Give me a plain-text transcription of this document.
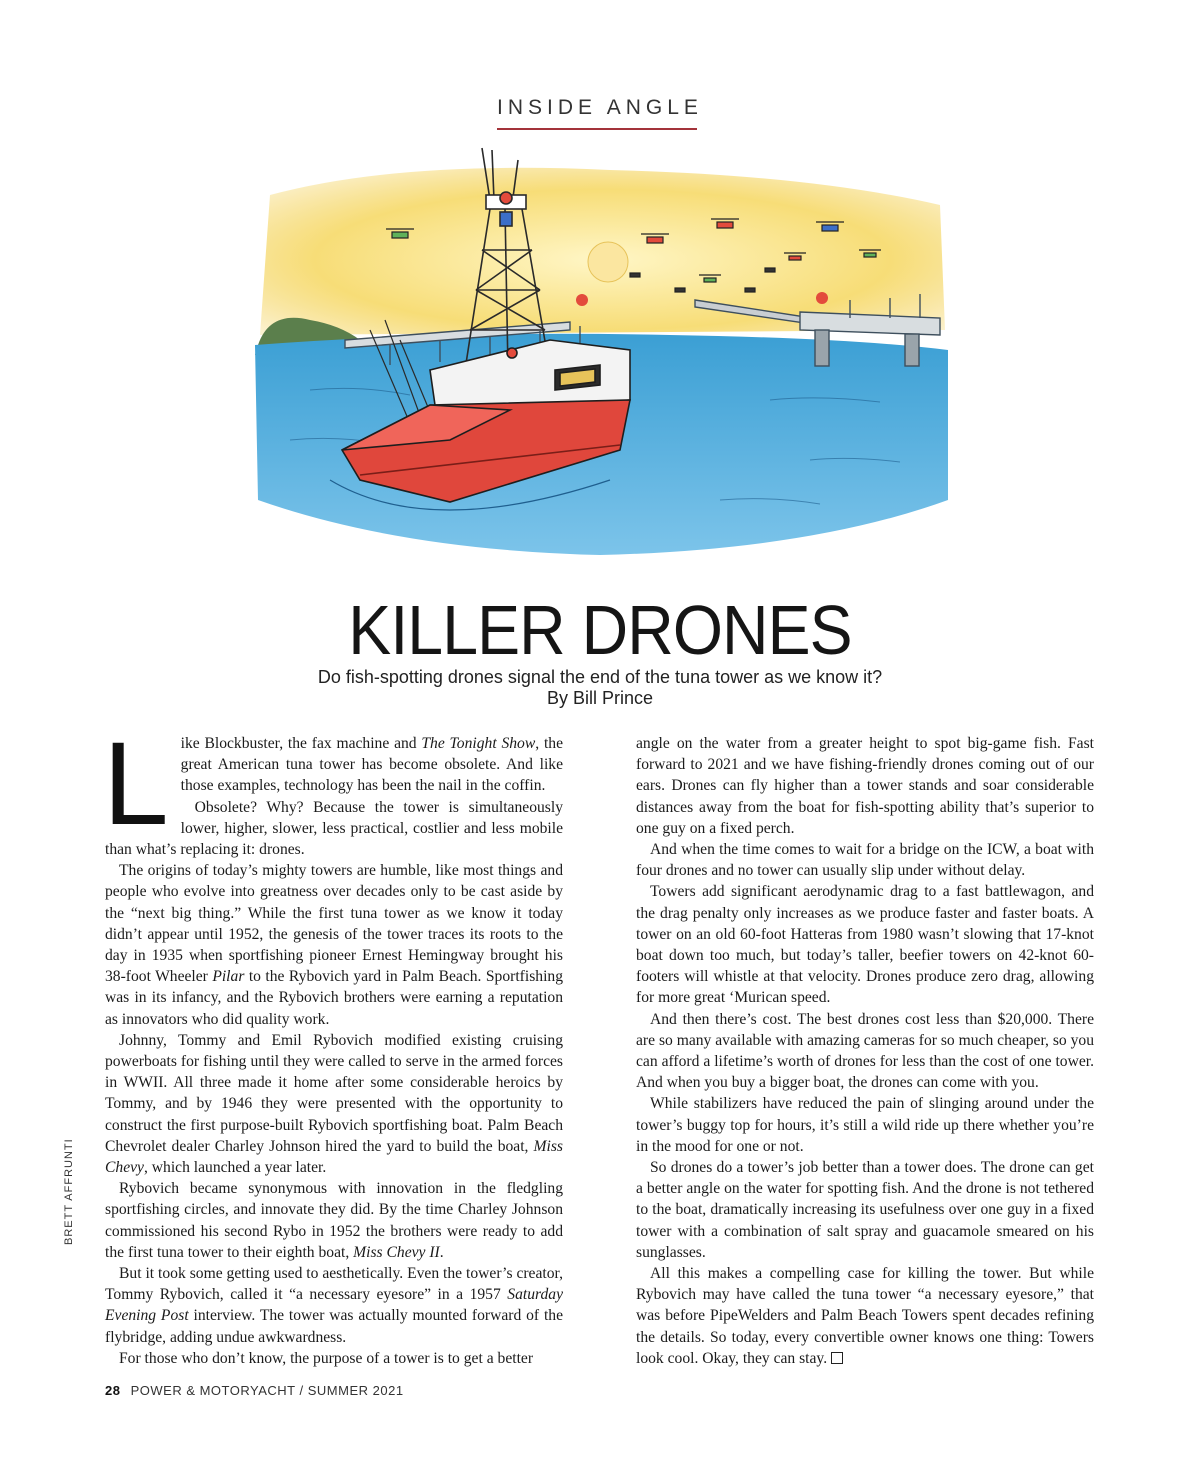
INSIDE ANGLE
KILLER DRONES
Do fish-spotting drones signal the end of the tuna tower as we know it?
By Bill Prince

Like Blockbuster, the fax machine and The Tonight Show, the great American tuna tower has become obsolete. And like those examples, technology has been the nail in the coffin.

Obsolete? Why? Because the tower is simultaneously lower, higher, slower, less practical, costlier and less mobile than what’s replacing it: drones.

The origins of today’s mighty towers are humble, like most things and people who evolve into greatness over decades only to be cast aside by the “next big thing.” While the first tuna tower as we know it today didn’t appear until 1952, the genesis of the tower traces its roots to the day in 1935 when sportfishing pioneer Ernest Hemingway brought his 38-foot Wheeler Pilar to the Rybovich yard in Palm Beach. Sportfishing was in its infancy, and the Rybovich brothers were earning a reputation as innovators who did quality work.

Johnny, Tommy and Emil Rybovich modified existing cruising powerboats for fishing until they were called to serve in the armed forces in WWII. All three made it home after some considerable heroics by Tommy, and by 1946 they were presented with the opportunity to construct the first purpose-built Rybovich sportfishing boat. Palm Beach Chevrolet dealer Charley Johnson hired the yard to build the boat, Miss Chevy, which launched a year later.

Rybovich became synonymous with innovation in the fledgling sportfishing circles, and innovate they did. By the time Charley Johnson commissioned his second Rybo in 1952 the brothers were ready to add the first tuna tower to their eighth boat, Miss Chevy II.

But it took some getting used to aesthetically. Even the tower’s creator, Tommy Rybovich, called it “a necessary eyesore” in a 1957 Saturday Evening Post interview. The tower was actually mounted forward of the flybridge, adding undue awkwardness.

For those who don’t know, the purpose of a tower is to get a better

angle on the water from a greater height to spot big-game fish. Fast forward to 2021 and we have fishing-friendly drones coming out of our ears. Drones can fly higher than a tower stands and soar considerable distances away from the boat for fish-spotting ability that’s superior to one guy on a fixed perch.

And when the time comes to wait for a bridge on the ICW, a boat with four drones and no tower can usually slip under without delay.

Towers add significant aerodynamic drag to a fast battlewagon, and the drag penalty only increases as we produce faster and faster boats. A tower on an old 60-foot Hatteras from 1980 wasn’t slowing that 17-knot boat down too much, but today’s taller, beefier towers on 42-knot 60-footers will whistle at that velocity. Drones produce zero drag, allowing for more great ‘Murican speed.

And then there’s cost. The best drones cost less than $20,000. There are so many available with amazing cameras for so much cheaper, so you can afford a lifetime’s worth of drones for less than the cost of one tower. And when you buy a bigger boat, the drones can come with you.

While stabilizers have reduced the pain of slinging around under the tower’s buggy top for hours, it’s still a wild ride up there whether you’re in the mood for one or not.

So drones do a tower’s job better than a tower does. The drone can get a better angle on the water for spotting fish. And the drone is not tethered to the boat, dramatically increasing its usefulness over one guy in a fixed tower with a combination of salt spray and guacamole smeared on his sunglasses.

All this makes a compelling case for killing the tower. But while Rybovich may have called the tuna tower “a necessary eyesore,” that was before PipeWelders and Palm Beach Towers spent decades refining the details. So today, every convertible owner knows one thing: Towers look cool. Okay, they can stay.

BRETT AFFRUNTI
28 POWER & MOTORYACHT / SUMMER 2021
